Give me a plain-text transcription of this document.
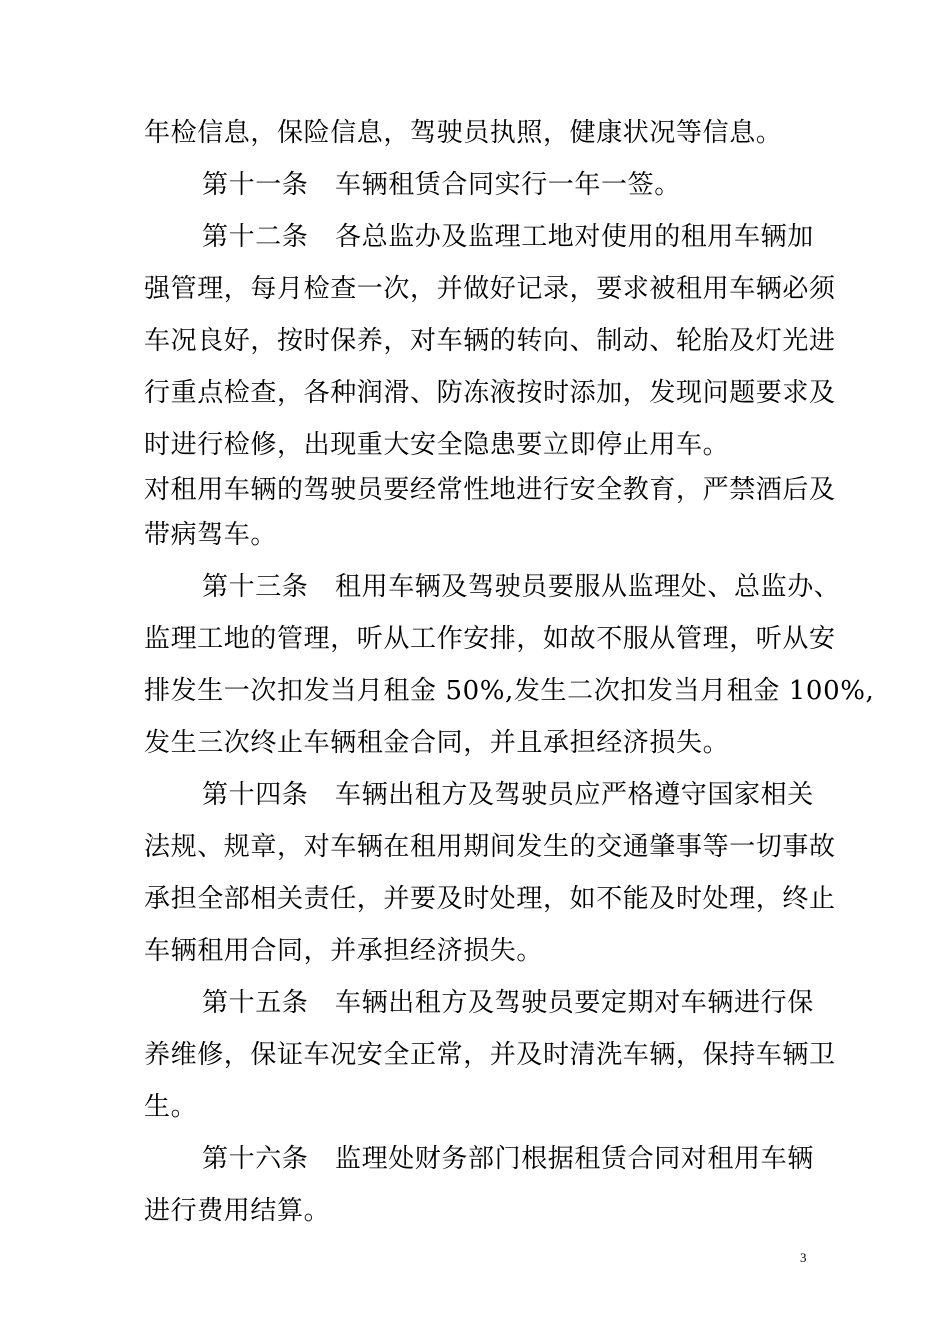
年检信息，保险信息，驾驶员执照，健康状况等信息。
第十一条　车辆租赁合同实行一年一签。
第十二条　各总监办及监理工地对使用的租用车辆加
强管理，每月检查一次，并做好记录，要求被租用车辆必须
车况良好，按时保养，对车辆的转向、制动、轮胎及灯光进
行重点检查，各种润滑、防冻液按时添加，发现问题要求及
时进行检修，出现重大安全隐患要立即停止用车。
对租用车辆的驾驶员要经常性地进行安全教育，严禁酒后及
带病驾车。
第十三条　租用车辆及驾驶员要服从监理处、总监办、
监理工地的管理，听从工作安排，如故不服从管理，听从安
排发生一次扣发当月租金 50%,发生二次扣发当月租金 100%,
发生三次终止车辆租金合同，并且承担经济损失。
第十四条　车辆出租方及驾驶员应严格遵守国家相关
法规、规章，对车辆在租用期间发生的交通肇事等一切事故
承担全部相关责任，并要及时处理，如不能及时处理，终止
车辆租用合同，并承担经济损失。
第十五条　车辆出租方及驾驶员要定期对车辆进行保
养维修，保证车况安全正常，并及时清洗车辆，保持车辆卫
生。
第十六条　监理处财务部门根据租赁合同对租用车辆
进行费用结算。
3
